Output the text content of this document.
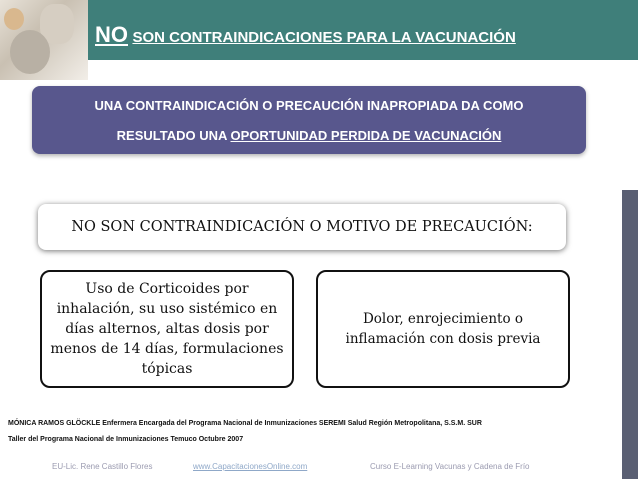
NO SON CONTRAINDICACIONES PARA LA VACUNACIÓN
UNA CONTRAINDICACIÓN O PRECAUCIÓN INAPROPIADA DA COMO
RESULTADO UNA OPORTUNIDAD PERDIDA DE VACUNACIÓN
NO SON CONTRAINDICACIÓN O MOTIVO DE PRECAUCIÓN:
Uso de Corticoides por inhalación, su uso sistémico en días alternos, altas dosis por menos de 14 días, formulaciones tópicas
Dolor, enrojecimiento o inflamación con dosis previa
MÓNICA RAMOS GLÖCKLE Enfermera Encargada del Programa Nacional de Inmunizaciones SEREMI Salud Región Metropolitana, S.S.M. SUR
Taller del Programa Nacional de Inmunizaciones Temuco Octubre 2007
EU-Lic. Rene Castillo Flores	www.CapacitacionesOnline.com	Curso E-Learning Vacunas y Cadena de Frío
